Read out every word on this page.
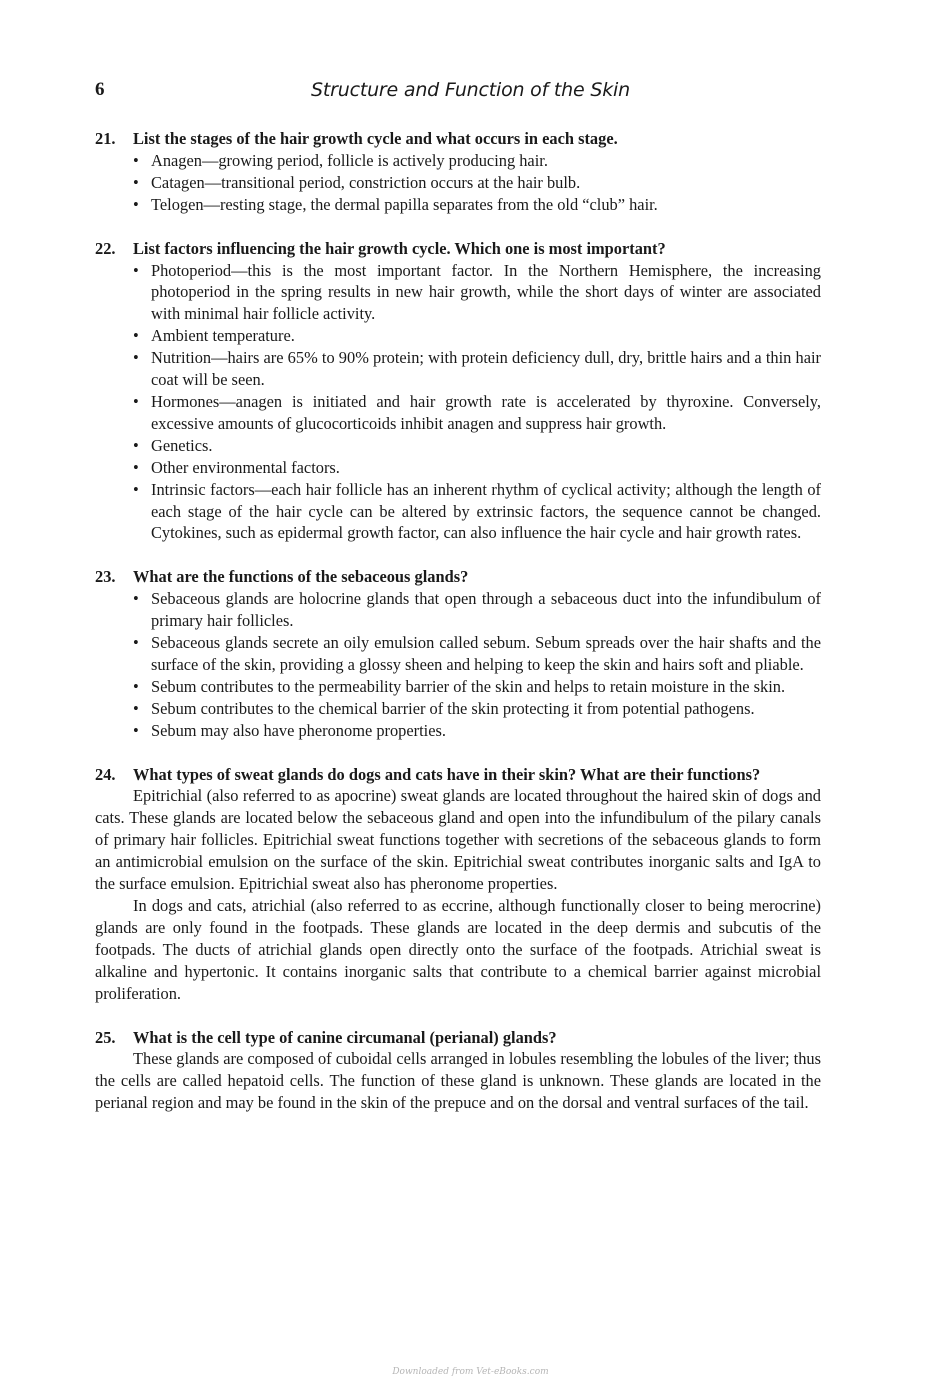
6	Structure and Function of the Skin
21.	List the stages of the hair growth cycle and what occurs in each stage.
• Anagen—growing period, follicle is actively producing hair.
• Catagen—transitional period, constriction occurs at the hair bulb.
• Telogen—resting stage, the dermal papilla separates from the old “club” hair.
22.	List factors influencing the hair growth cycle. Which one is most important?
• Photoperiod—this is the most important factor. In the Northern Hemisphere, the increasing photoperiod in the spring results in new hair growth, while the short days of winter are associated with minimal hair follicle activity.
• Ambient temperature.
• Nutrition—hairs are 65% to 90% protein; with protein deficiency dull, dry, brittle hairs and a thin hair coat will be seen.
• Hormones—anagen is initiated and hair growth rate is accelerated by thyroxine. Conversely, excessive amounts of glucocorticoids inhibit anagen and suppress hair growth.
• Genetics.
• Other environmental factors.
• Intrinsic factors—each hair follicle has an inherent rhythm of cyclical activity; although the length of each stage of the hair cycle can be altered by extrinsic factors, the sequence cannot be changed. Cytokines, such as epidermal growth factor, can also influence the hair cycle and hair growth rates.
23.	What are the functions of the sebaceous glands?
• Sebaceous glands are holocrine glands that open through a sebaceous duct into the infundibulum of primary hair follicles.
• Sebaceous glands secrete an oily emulsion called sebum. Sebum spreads over the hair shafts and the surface of the skin, providing a glossy sheen and helping to keep the skin and hairs soft and pliable.
• Sebum contributes to the permeability barrier of the skin and helps to retain moisture in the skin.
• Sebum contributes to the chemical barrier of the skin protecting it from potential pathogens.
• Sebum may also have pheronome properties.
24.	What types of sweat glands do dogs and cats have in their skin? What are their functions?

Epitrichial (also referred to as apocrine) sweat glands are located throughout the haired skin of dogs and cats. These glands are located below the sebaceous gland and open into the infundibulum of the pilary canals of primary hair follicles. Epitrichial sweat functions together with secretions of the sebaceous glands to form an antimicrobial emulsion on the surface of the skin. Epitrichial sweat contributes inorganic salts and IgA to the surface emulsion. Epitrichial sweat also has pheronome properties.

In dogs and cats, atrichial (also referred to as eccrine, although functionally closer to being merocrine) glands are only found in the footpads. These glands are located in the deep dermis and subcutis of the footpads. The ducts of atrichial glands open directly onto the surface of the footpads. Atrichial sweat is alkaline and hypertonic. It contains inorganic salts that contribute to a chemical barrier against microbial proliferation.

25.	What is the cell type of canine circumanal (perianal) glands?

These glands are composed of cuboidal cells arranged in lobules resembling the lobules of the liver; thus the cells are called hepatoid cells. The function of these gland is unknown. These glands are located in the perianal region and may be found in the skin of the prepuce and on the dorsal and ventral surfaces of the tail.

Downloaded from Vet-eBooks.com
